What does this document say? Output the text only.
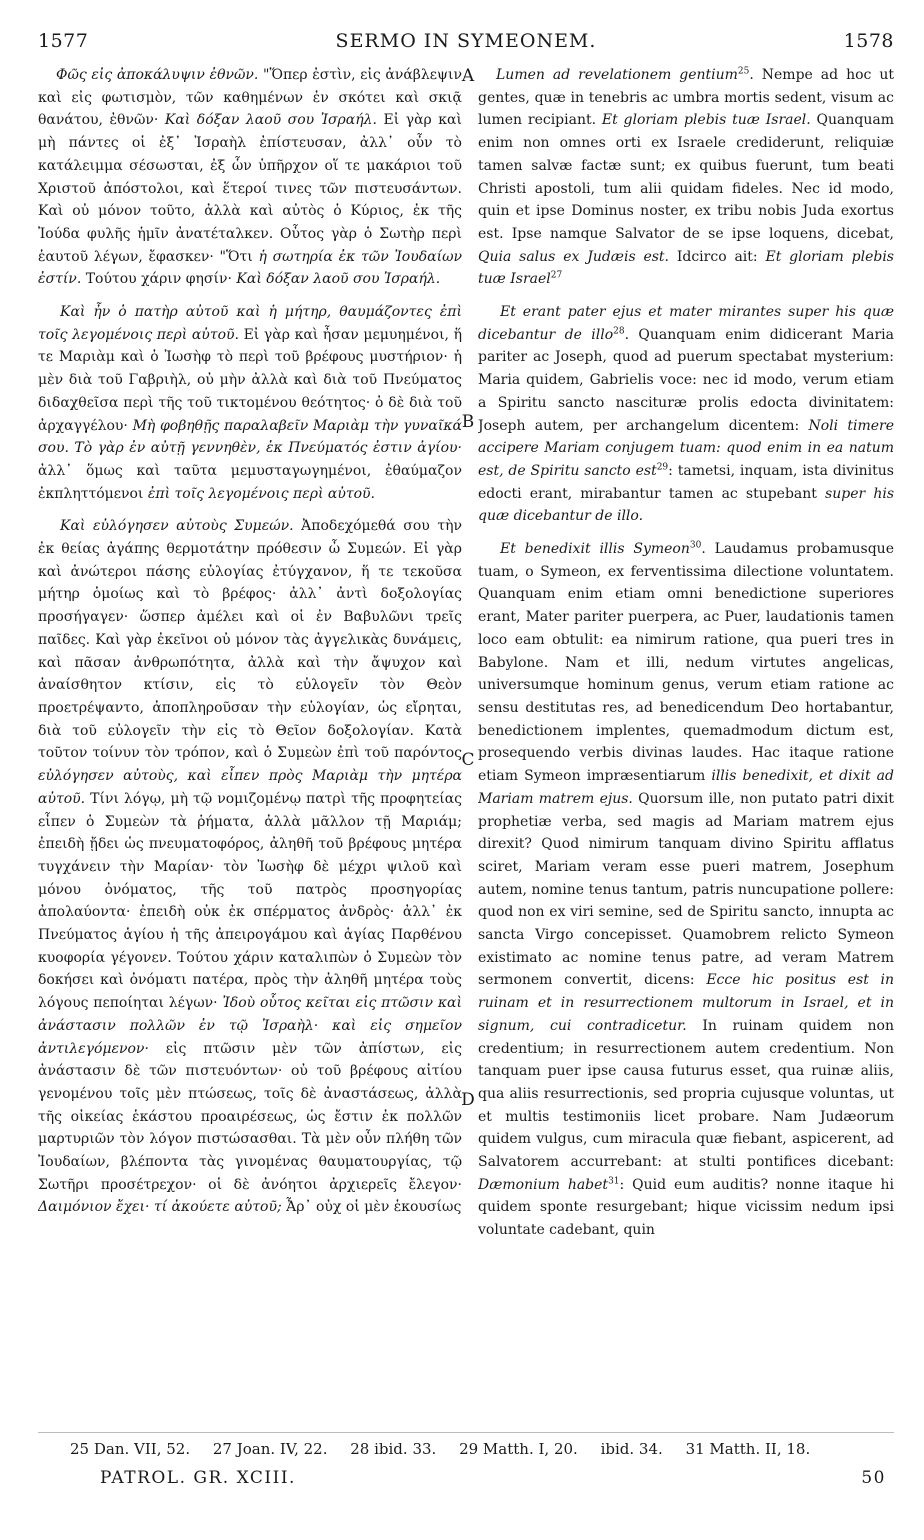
1577	SERMO IN SYMEONEM.	1578
A
B
C
D

Φῶς εἰς ἀποκάλυψιν ἐθνῶν. "Ὅπερ ἐστὶν, εἰς ἀνάβλεψιν καὶ εἰς φωτισμὸν, τῶν καθημένων ἐν σκότει καὶ σκιᾷ θανάτου, ἐθνῶν· Καὶ δόξαν λαοῦ σου Ἰσραήλ. Εἰ γὰρ καὶ μὴ πάντες οἱ ἐξ᾿ Ἰσραὴλ ἐπίστευσαν, ἀλλ᾿ οὖν τὸ κατάλειμμα σέσωσται, ἐξ ὧν ὑπῆρχον οἵ τε μακάριοι τοῦ Χριστοῦ ἀπόστολοι, καὶ ἕτεροί τινες τῶν πιστευσάντων. Καὶ οὐ μόνον τοῦτο, ἀλλὰ καὶ αὐτὸς ὁ Κύριος, ἐκ τῆς Ἰούδα φυλῆς ἡμῖν ἀνατέταλκεν. Οὗτος γὰρ ὁ Σωτὴρ περὶ ἑαυτοῦ λέγων, ἔφασκεν· "Ὅτι ἡ σωτηρία ἐκ τῶν Ἰουδαίων ἐστίν. Τούτου χάριν φησίν· Καὶ δόξαν λαοῦ σου Ἰσραήλ.

Καὶ ἦν ὁ πατὴρ αὐτοῦ καὶ ἡ μήτηρ, θαυμάζοντες ἐπὶ τοῖς λεγομένοις περὶ αὐτοῦ. Εἰ γὰρ καὶ ἦσαν μεμυημένοι, ἥ τε Μαριὰμ καὶ ὁ Ἰωσὴφ τὸ περὶ τοῦ βρέφους μυστήριον· ἡ μὲν διὰ τοῦ Γαβριὴλ, οὐ μὴν ἀλλὰ καὶ διὰ τοῦ Πνεύματος διδαχθεῖσα περὶ τῆς τοῦ τικτομένου θεότητος· ὁ δὲ διὰ τοῦ ἀρχαγγέλου· Μὴ φοβηθῇς παραλαβεῖν Μαριὰμ τὴν γυναῖκά σου. Τὸ γὰρ ἐν αὐτῇ γεννηθὲν, ἐκ Πνεύματός ἐστιν ἁγίου· ἀλλ᾿ ὅμως καὶ ταῦτα μεμυσταγωγημένοι, ἐθαύμαζον ἐκπληττόμενοι ἐπὶ τοῖς λεγομένοις περὶ αὐτοῦ.

Καὶ εὐλόγησεν αὐτοὺς Συμεών. Ἀποδεχόμεθά σου τὴν ἐκ θείας ἀγάπης θερμοτάτην πρόθεσιν ὦ Συμεών. Εἰ γὰρ καὶ ἀνώτεροι πάσης εὐλογίας ἐτύγχανον, ἥ τε τεκοῦσα μήτηρ ὁμοίως καὶ τὸ βρέφος· ἀλλ᾿ ἀντὶ δοξολογίας προσήγαγεν· ὥσπερ ἀμέλει καὶ οἱ ἐν Βαβυλῶνι τρεῖς παῖδες. Καὶ γὰρ ἐκεῖνοι οὐ μόνον τὰς ἀγγελικὰς δυνάμεις, καὶ πᾶσαν ἀνθρωπότητα, ἀλλὰ καὶ τὴν ἄψυχον καὶ ἀναίσθητον κτίσιν, εἰς τὸ εὐλογεῖν τὸν Θεὸν προετρέψαντο, ἀποπληροῦσαν τὴν εὐλογίαν, ὡς εἴρηται, διὰ τοῦ εὐλογεῖν τὴν εἰς τὸ Θεῖον δοξολογίαν. Κατὰ τοῦτον τοίνυν τὸν τρόπον, καὶ ὁ Συμεὼν ἐπὶ τοῦ παρόντος εὐλόγησεν αὐτοὺς, καὶ εἶπεν πρὸς Μαριὰμ τὴν μητέρα αὐτοῦ. Τίνι λόγῳ, μὴ τῷ νομιζομένῳ πατρὶ τῆς προφητείας εἶπεν ὁ Συμεὼν τὰ ῥήματα, ἀλλὰ μᾶλλον τῇ Μαριάμ; ἐπειδὴ ᾔδει ὡς πνευματοφόρος, ἀληθῆ τοῦ βρέφους μητέρα τυγχάνειν τὴν Μαρίαν· τὸν Ἰωσὴφ δὲ μέχρι ψιλοῦ καὶ μόνου ὀνόματος, τῆς τοῦ πατρὸς προσηγορίας ἀπολαύοντα· ἐπειδὴ οὐκ ἐκ σπέρματος ἀνδρὸς· ἀλλ᾿ ἐκ Πνεύματος ἁγίου ἡ τῆς ἀπειρογάμου καὶ ἁγίας Παρθένου κυοφορία γέγονεν. Τούτου χάριν καταλιπὼν ὁ Συμεὼν τὸν δοκήσει καὶ ὀνόματι πατέρα, πρὸς τὴν ἀληθῆ μητέρα τοὺς λόγους πεποίηται λέγων· Ἰδοὺ οὗτος κεῖται εἰς πτῶσιν καὶ ἀνάστασιν πολλῶν ἐν τῷ Ἰσραὴλ· καὶ εἰς σημεῖον ἀντιλεγόμενον· εἰς πτῶσιν μὲν τῶν ἀπίστων, εἰς ἀνάστασιν δὲ τῶν πιστευόντων· οὐ τοῦ βρέφους αἰτίου γενομένου τοῖς μὲν πτώσεως, τοῖς δὲ ἀναστάσεως, ἀλλὰ τῆς οἰκείας ἑκάστου προαιρέσεως, ὡς ἔστιν ἐκ πολλῶν μαρτυριῶν τὸν λόγον πιστώσασθαι. Τὰ μὲν οὖν πλήθη τῶν Ἰουδαίων, βλέποντα τὰς γινομένας θαυματουργίας, τῷ Σωτῆρι προσέτρεχον· οἱ δὲ ἀνόητοι ἀρχιερεῖς ἔλεγον· Δαιμόνιον ἔχει· τί ἀκούετε αὐτοῦ; Ἆρ᾿ οὐχ οἱ μὲν ἑκουσίως

Lumen ad revelationem gentium$^{25}$. Nempe ad hoc ut gentes, quæ in tenebris ac umbra mortis sedent, visum ac lumen recipiant. Et gloriam plebis tuæ Israel. Quanquam enim non omnes orti ex Israele crediderunt, reliquiæ tamen salvæ factæ sunt; ex quibus fuerunt, tum beati Christi apostoli, tum alii quidam fideles. Nec id modo, quin et ipse Dominus noster, ex tribu nobis Juda exortus est. Ipse namque Salvator de se ipse loquens, dicebat, Quia salus ex Judæis est. Idcirco ait: Et gloriam plebis tuæ Israel$^{27}$

Et erant pater ejus et mater mirantes super his quæ dicebantur de illo$^{28}$. Quanquam enim didicerant Maria pariter ac Joseph, quod ad puerum spectabat mysterium: Maria quidem, Gabrielis voce: nec id modo, verum etiam a Spiritu sancto nascituræ prolis edocta divinitatem: Joseph autem, per archangelum dicentem: Noli timere accipere Mariam conjugem tuam: quod enim in ea natum est, de Spiritu sancto est$^{29}$: tametsi, inquam, ista divinitus edocti erant, mirabantur tamen ac stupebant super his quæ dicebantur de illo.

Et benedixit illis Symeon$^{30}$. Laudamus probamusque tuam, o Symeon, ex ferventissima dilectione voluntatem. Quanquam enim etiam omni benedictione superiores erant, Mater pariter puerpera, ac Puer, laudationis tamen loco eam obtulit: ea nimirum ratione, qua pueri tres in Babylone. Nam et illi, nedum virtutes angelicas, universumque hominum genus, verum etiam ratione ac sensu destitutas res, ad benedicendum Deo hortabantur, benedictionem implentes, quemadmodum dictum est, prosequendo verbis divinas laudes. Hac itaque ratione etiam Symeon impræsentiarum illis benedixit, et dixit ad Mariam matrem ejus. Quorsum ille, non putato patri dixit prophetiæ verba, sed magis ad Mariam matrem ejus direxit? Quod nimirum tanquam divino Spiritu afflatus sciret, Mariam veram esse pueri matrem, Josephum autem, nomine tenus tantum, patris nuncupatione pollere: quod non ex viri semine, sed de Spiritu sancto, innupta ac sancta Virgo concepisset. Quamobrem relicto Symeon existimato ac nomine tenus patre, ad veram Matrem sermonem convertit, dicens: Ecce hic positus est in ruinam et in resurrectionem multorum in Israel, et in signum, cui contradicetur. In ruinam quidem non credentium; in resurrectionem autem credentium. Non tanquam puer ipse causa futurus esset, qua ruinæ aliis, qua aliis resurrectionis, sed propria cujusque voluntas, ut et multis testimoniis licet probare. Nam Judæorum quidem vulgus, cum miracula quæ fiebant, aspicerent, ad Salvatorem accurrebant: at stulti pontifices dicebant: Dæmonium habet$^{31}$: Quid eum auditis? nonne itaque hi quidem sponte resurgebant; hique vicissim nedum ipsi voluntate cadebant, quin

25 Dan. VII, 52. 27 Joan. IV, 22. 28 ibid. 33. 29 Matth. I, 20. ibid. 34. 31 Matth. II, 18.
PATROL. GR. XCIII.	50
